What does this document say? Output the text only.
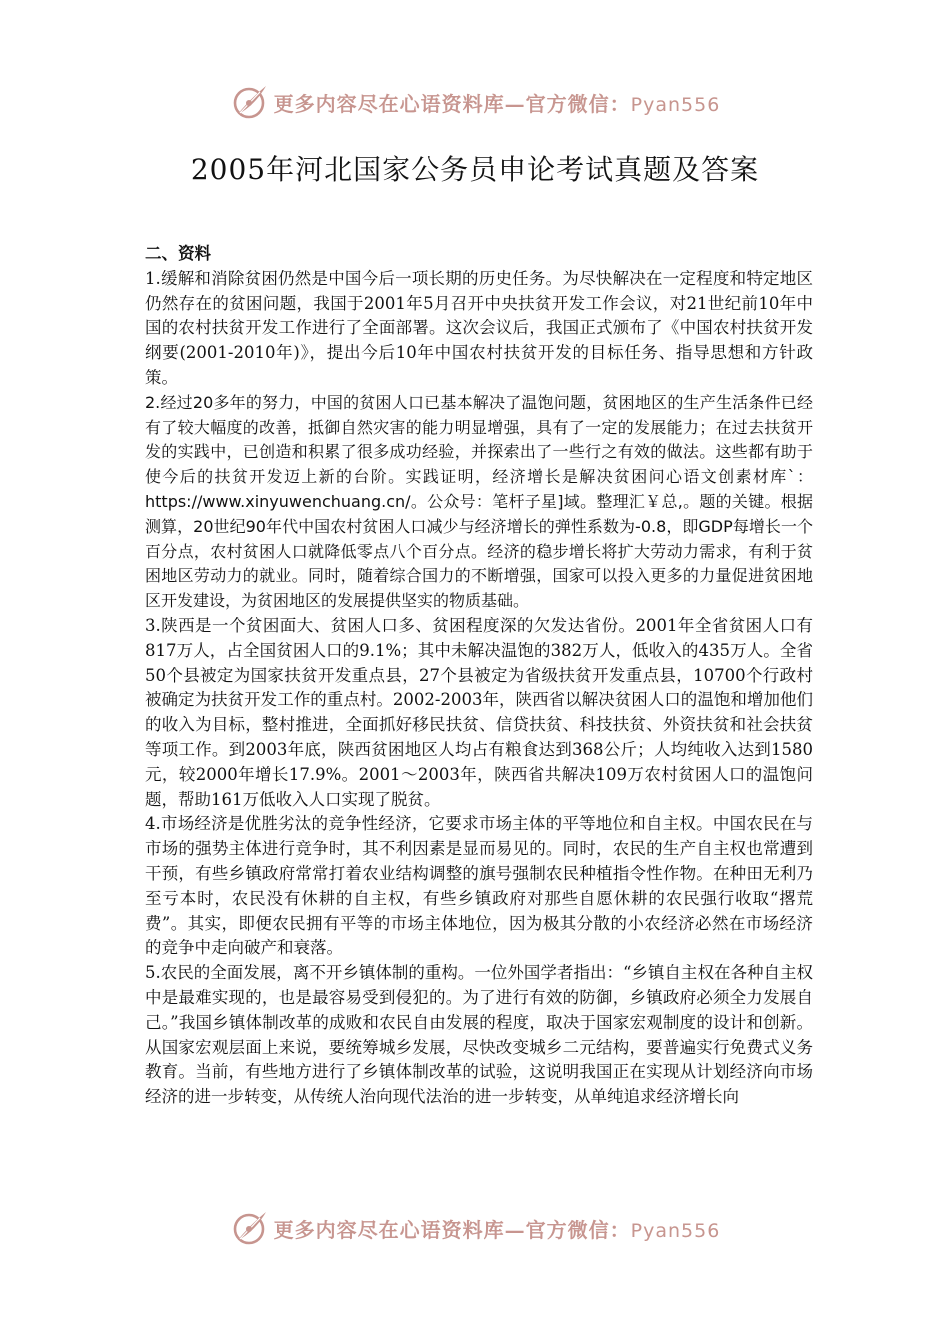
更多内容尽在心语资料库—官方微信：Pyan556
2005年河北国家公务员申论考试真题及答案

二、资料

1.缓解和消除贫困仍然是中国今后一项长期的历史任务。为尽快解决在一定程度和特定地区仍然存在的贫困问题，我国于2001年5月召开中央扶贫开发工作会议，对21世纪前10年中国的农村扶贫开发工作进行了全面部署。这次会议后，我国正式颁布了《中国农村扶贫开发纲要(2001-2010年)》，提出今后10年中国农村扶贫开发的目标任务、指导思想和方针政策。

2.经过20多年的努力，中国的贫困人口已基本解决了温饱问题，贫困地区的生产生活条件已经有了较大幅度的改善，抵御自然灾害的能力明显增强，具有了一定的发展能力；在过去扶贫开发的实践中，已创造和积累了很多成功经验，并探索出了一些行之有效的做法。这些都有助于使今后的扶贫开发迈上新的台阶。实践证明，经济增长是解决贫困问心语文创素材库`：https://www.xinyuwenchuang.cn/。公众号：笔杆子星]域。整理汇￥总,。题的关键。根据测算，20世纪90年代中国农村贫困人口减少与经济增长的弹性系数为-0.8，即GDP每增长一个百分点，农村贫困人口就降低零点八个百分点。经济的稳步增长将扩大劳动力需求，有利于贫困地区劳动力的就业。同时，随着综合国力的不断增强，国家可以投入更多的力量促进贫困地区开发建设，为贫困地区的发展提供坚实的物质基础。

3.陕西是一个贫困面大、贫困人口多、贫困程度深的欠发达省份。2001年全省贫困人口有817万人，占全国贫困人口的9.1%；其中未解决温饱的382万人，低收入的435万人。全省50个县被定为国家扶贫开发重点县，27个县被定为省级扶贫开发重点县，10700个行政村被确定为扶贫开发工作的重点村。2002-2003年，陕西省以解决贫困人口的温饱和增加他们的收入为目标，整村推进，全面抓好移民扶贫、信贷扶贫、科技扶贫、外资扶贫和社会扶贫等项工作。到2003年底，陕西贫困地区人均占有粮食达到368公斤；人均纯收入达到1580元，较2000年增长17.9%。2001～2003年，陕西省共解决109万农村贫困人口的温饱问题，帮助161万低收入人口实现了脱贫。

4.市场经济是优胜劣汰的竞争性经济，它要求市场主体的平等地位和自主权。中国农民在与市场的强势主体进行竞争时，其不利因素是显而易见的。同时，农民的生产自主权也常遭到干预，有些乡镇政府常常打着农业结构调整的旗号强制农民种植指令性作物。在种田无利乃至亏本时，农民没有休耕的自主权，有些乡镇政府对那些自愿休耕的农民强行收取“撂荒费”。其实，即便农民拥有平等的市场主体地位，因为极其分散的小农经济必然在市场经济的竞争中走向破产和衰落。

5.农民的全面发展，离不开乡镇体制的重构。一位外国学者指出：“乡镇自主权在各种自主权中是最难实现的，也是最容易受到侵犯的。为了进行有效的防御，乡镇政府必须全力发展自己。”我国乡镇体制改革的成败和农民自由发展的程度，取决于国家宏观制度的设计和创新。从国家宏观层面上来说，要统筹城乡发展，尽快改变城乡二元结构，要普遍实行免费式义务教育。当前，有些地方进行了乡镇体制改革的试验，这说明我国正在实现从计划经济向市场经济的进一步转变，从传统人治向现代法治的进一步转变，从单纯追求经济增长向

更多内容尽在心语资料库—官方微信：Pyan556
